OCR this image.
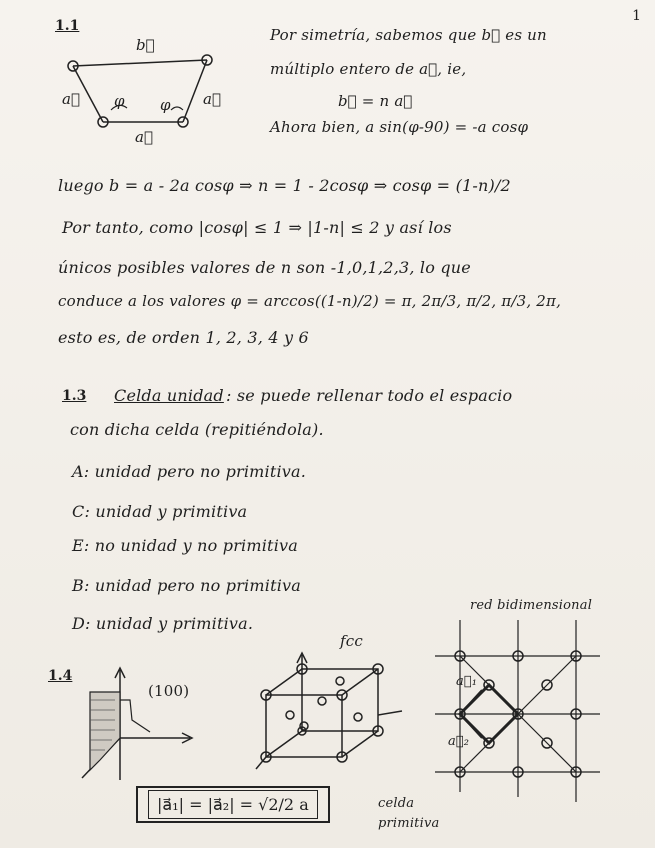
1
1.1
b⃗
a⃗ φ φ a⃗
a⃗
Por simetría, sabemos que b⃗ es un
múltiplo entero de a⃗, ie,
b⃗ = n a⃗
Ahora bien, a sin(φ-90) = -a cosφ
luego b = a - 2a cosφ ⇒ n = 1 - 2cosφ ⇒ cosφ = (1-n)/2
Por tanto, como |cosφ| ≤ 1 ⇒ |1-n| ≤ 2 y así los
únicos posibles valores de n son -1,0,1,2,3, lo que
conduce a los valores φ = arccos((1-n)/2) = π, 2π/3, π/2, π/3, 2π,
esto es, de orden 1, 2, 3, 4 y 6
1.3 Celda unidad : se puede rellenar todo el espacio
con dicha celda (repitiéndola).
A: unidad pero no primitiva.
C: unidad y primitiva
E: no unidad y no primitiva
B: unidad pero no primitiva
D: unidad y primitiva.
1.4
(100)
fcc
red bidimensional
a⃗₁
a⃗₂
|a⃗₁| = |a⃗₂| = √2/2 a	celda
primitiva
